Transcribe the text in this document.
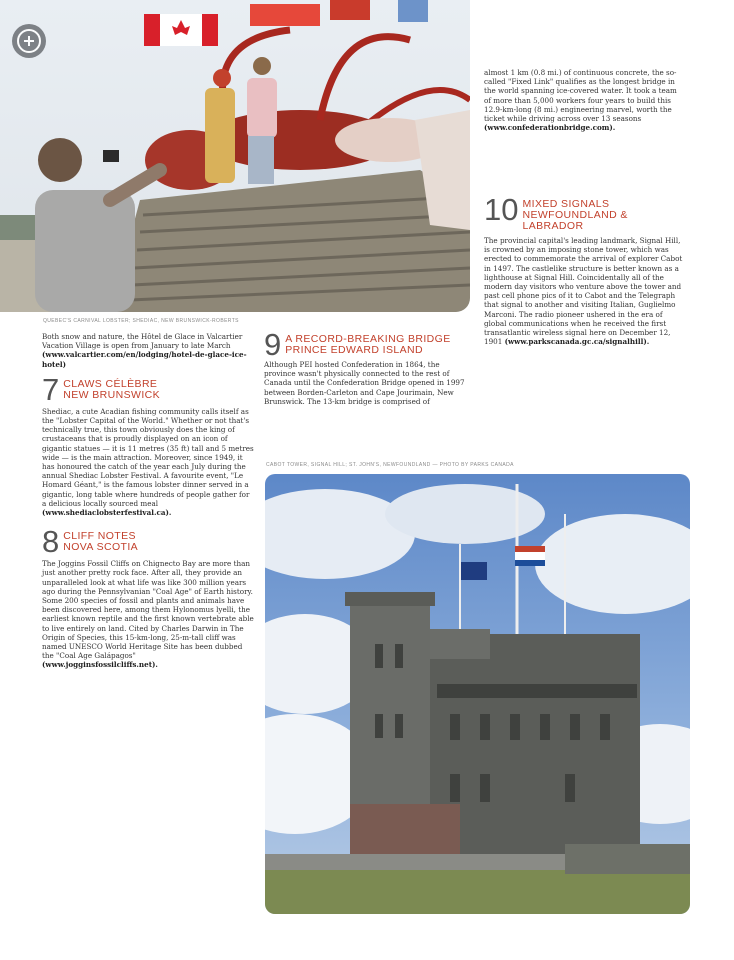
QUEBEC'S CARNIVAL LOBSTER; SHEDIAC, NEW BRUNSWICK-ROBERTS
Both snow and nature, the Hôtel de Glace in Valcartier Vacation Village is open from January to late March (www.valcartier.com/en/lodging/hotel-de-glace-ice-hotel)
7 CLAWS CÉLÈBRE
NEW BRUNSWICK
Shediac, a cute Acadian fishing community calls itself as the "Lobster Capital of the World." Whether or not that's technically true, this town obviously does the king of crustaceans that is proudly displayed on an icon of gigantic statues — it is 11 metres (35 ft) tall and 5 metres wide — is the main attraction. Moreover, since 1949, it has honoured the catch of the year each July during the annual Shediac Lobster Festival. A favourite event, "Le Homard Géant," is the famous lobster dinner served in a gigantic, long table where hundreds of people gather for a delicious locally sourced meal (www.shediaclobsterfestival.ca).
8 CLIFF NOTES
NOVA SCOTIA
The Joggins Fossil Cliffs on Chignecto Bay are more than just another pretty rock face. After all, they provide an unparalleled look at what life was like 300 million years ago during the Pennsylvanian "Coal Age" of Earth history. Some 200 species of fossil and plants and animals have been discovered here, among them Hylonomus lyelli, the earliest known reptile and the first known vertebrate able to live entirely on land. Cited by Charles Darwin in The Origin of Species, this 15-km-long, 25-m-tall cliff was named UNESCO World Heritage Site has been dubbed the "Coal Age Galápagos" (www.jogginsfossilcliffs.net).
9 A RECORD-BREAKING BRIDGE
PRINCE EDWARD ISLAND
Although PEI hosted Confederation in 1864, the province wasn't physically connected to the rest of Canada until the Confederation Bridge opened in 1997 between Borden-Carleton and Cape Jourimain, New Brunswick. The 13-km bridge is comprised of
almost 1 km (0.8 mi.) of continuous concrete, the so-called "Fixed Link" qualifies as the longest bridge in the world spanning ice-covered water. It took a team of more than 5,000 workers four years to build this 12.9-km-long (8 mi.) engineering marvel, worth the ticket while driving across over 13 seasons (www.confederationbridge.com).
10 MIXED SIGNALS
NEWFOUNDLAND &
LABRADOR
The provincial capital's leading landmark, Signal Hill, is crowned by an imposing stone tower, which was erected to commemorate the arrival of explorer Cabot in 1497. The castlelike structure is better known as a lighthouse at Signal Hill. Coincidentally all of the modern day visitors who venture above the tower and past cell phone pics of it to Cabot and the Telegraph that signal to another and visiting Italian, Guglielmo Marconi. The radio pioneer ushered in the era of global communications when he received the first transatlantic wireless signal here on December 12, 1901 (www.parkscanada.gc.ca/signalhill).
CABOT TOWER, SIGNAL HILL; ST. JOHN'S, NEWFOUNDLAND — PHOTO BY PARKS CANADA
